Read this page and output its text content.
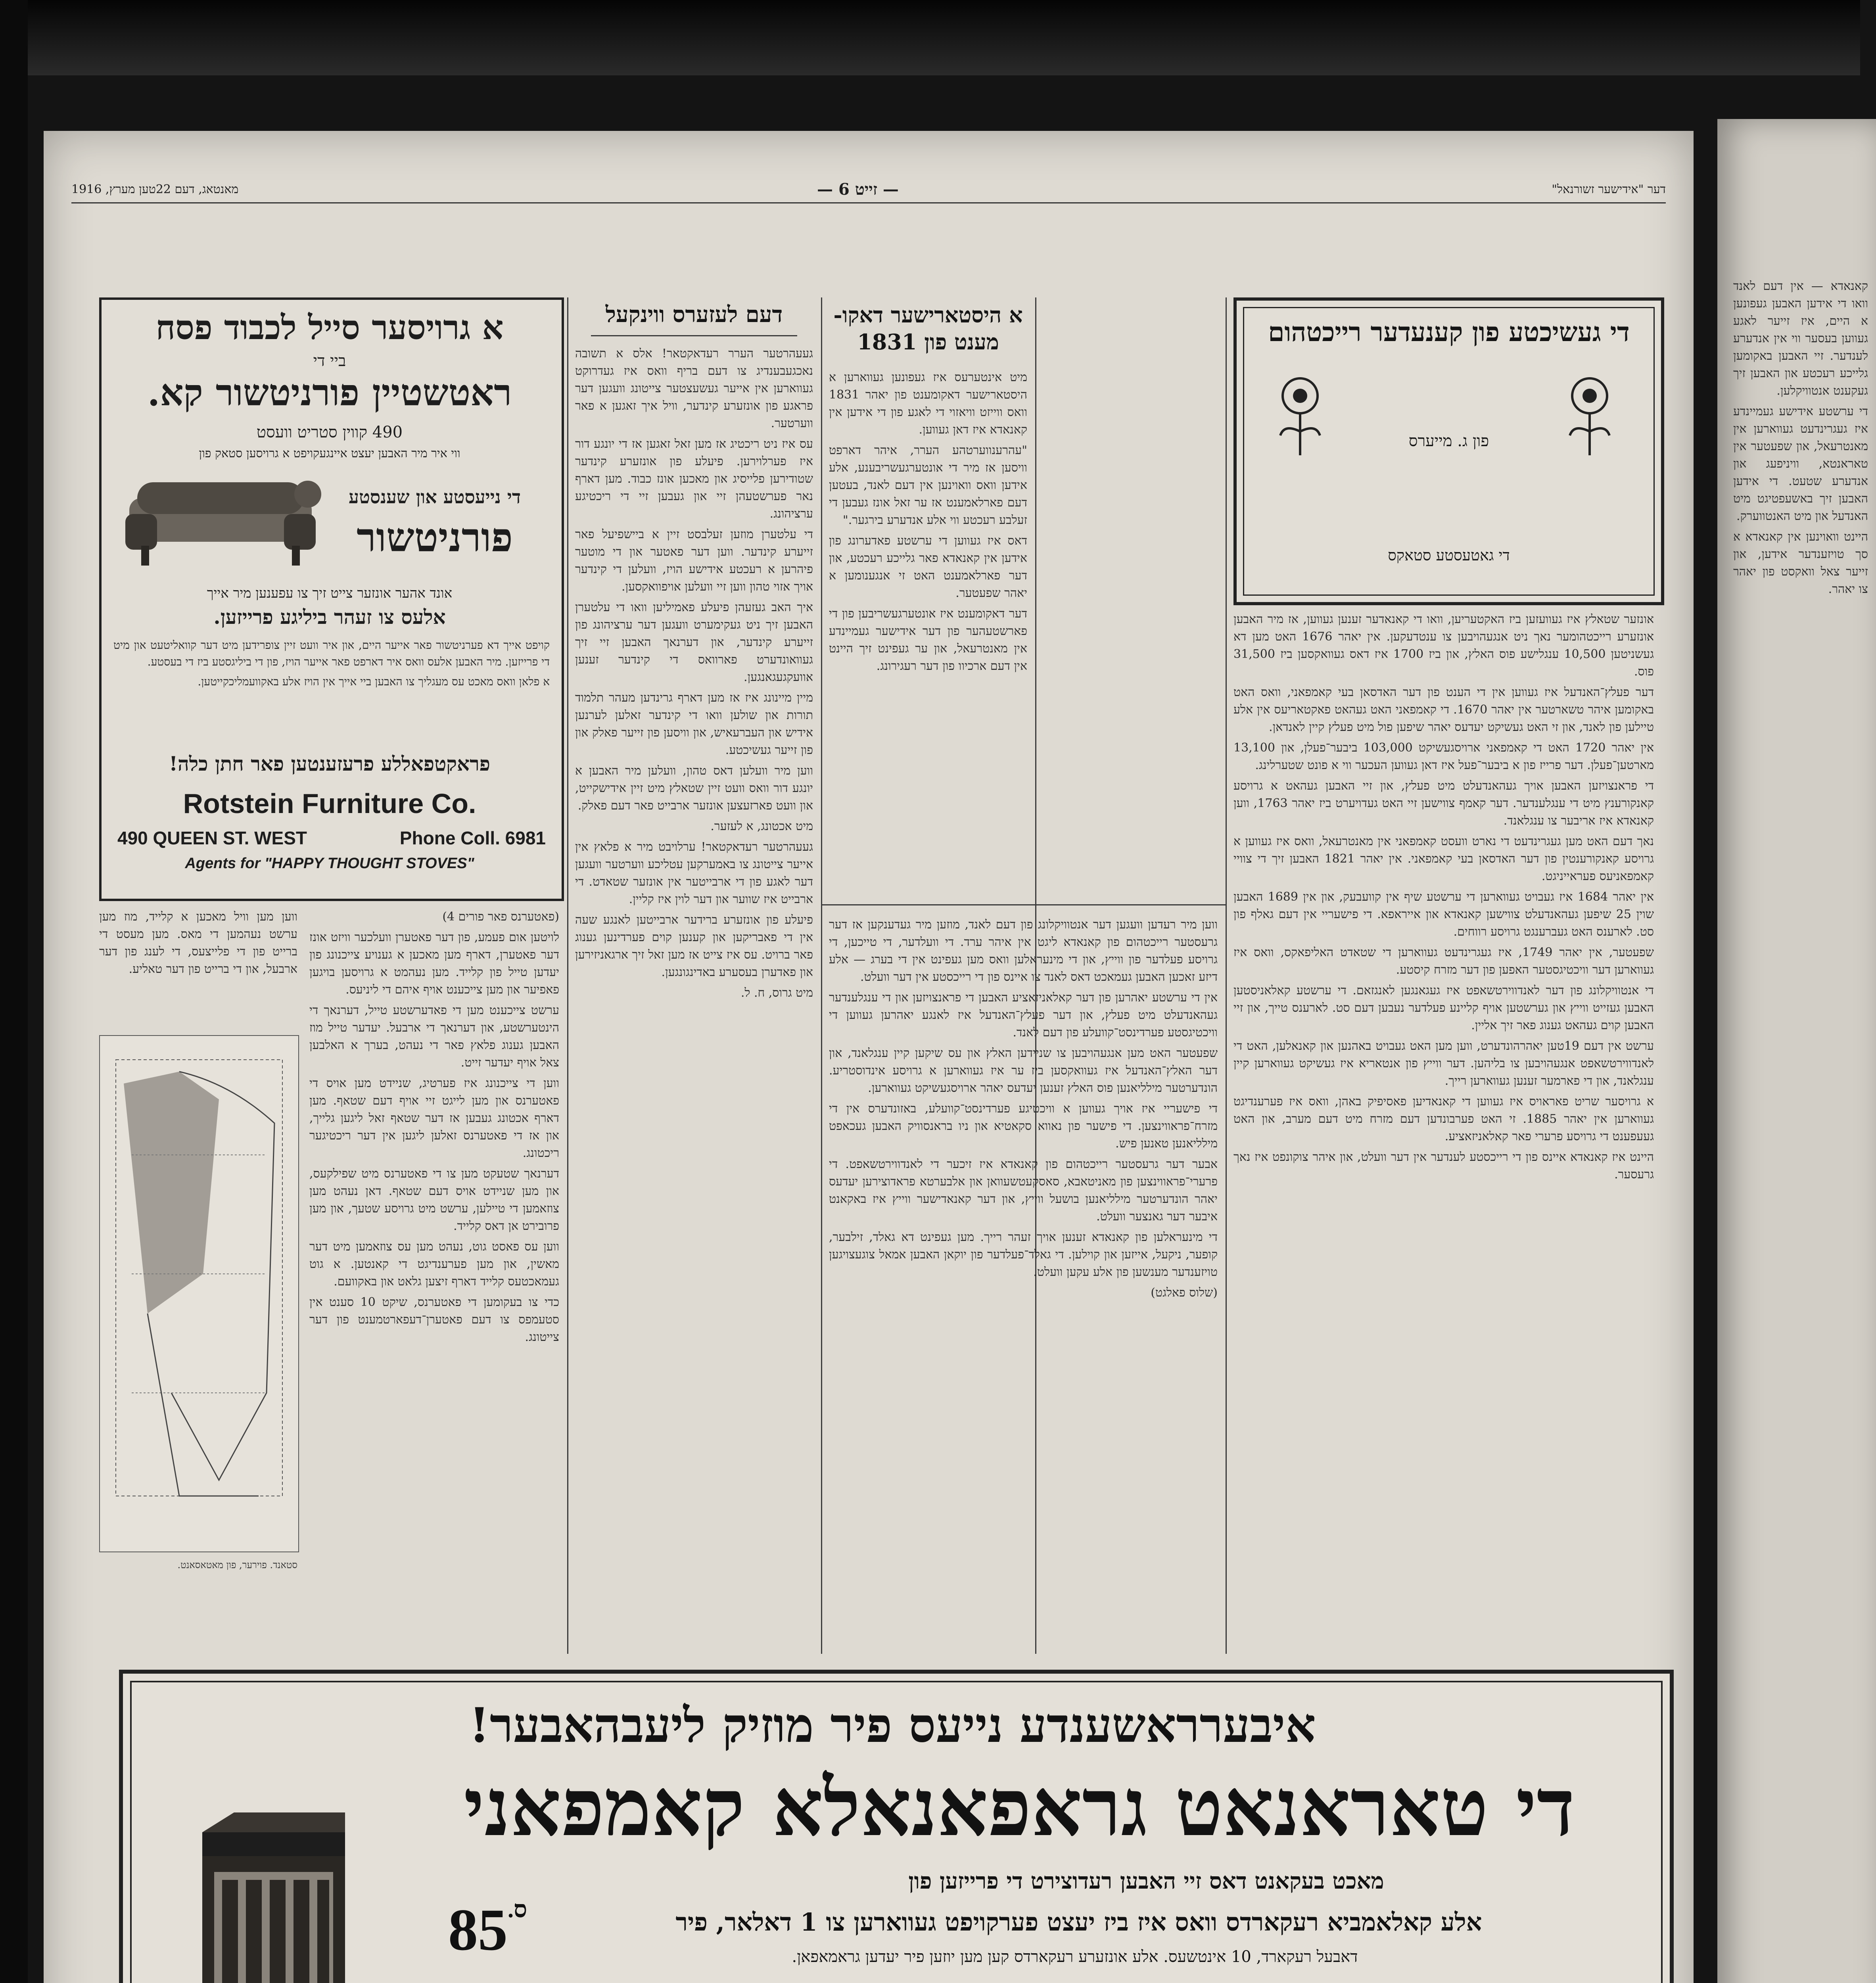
מאנטאג, דעם 22טען מערץ, 1916	— זייט 6 —	דער "אידישער זשורנאל"
א גרויסער סייל לכבוד פסח
ביי די
ראטשטיין פורניטשור קא.
490 קווין סטריט וועסט
ווי איר מיר האבען יעצט איינגעקויפט א גרויסען סטאק פון
די נייעסטע און שענסטע
פורניטשור
אונד אהער אונזער צייט זיך צו עפענען מיר אייך
אלעס צו זעהר ביליגע פרייזען.

קויפט אייך דא פערניטשור פאר אייער היים, און איר וועט זיין צופרידען מיט דער קוואליטעט און מיט די פרייזען. מיר האבען אלעס וואס איר דארפט פאר אייער הויז, פון די ביליגסטע ביז די בעסטע.

א פלאן וואס מאכט עס מעגליך צו האבען ביי אייך אין הויז אלע באקוועמליכקייטען.

פראקטפאללע פרעזענטען פאר חתן כלה!
Rotstein Furniture Co.
490 QUEEN ST. WEST	Phone Coll. 6981
Agents for "HAPPY THOUGHT STOVES"
דעם לעזערס ווינקעל

געעהרטער הערר רעדאקטאר! אלס א תשובה נאכגעבענדיג צו דעם בריף וואס איז געדרוקט געווארען אין אייער געשעצטער צייטונג וועגען דער פראגע פון אונזערע קינדער, וויל איך זאגען א פאר ווערטער.

עס איז ניט ריכטיג אז מען זאל זאגען אז די יונגע דור איז פערלוירען. פיעלע פון אונזערע קינדער שטודירען פלייסיג און מאכען אונז כבוד. מען דארף נאר פערשטעהן זיי און געבען זיי די ריכטיגע ערציהונג.

די עלטערן מוזען זעלבסט זיין א ביישפיעל פאר זייערע קינדער. ווען דער פאטער און די מוטער פיהרען א רעכטע אידישע הויז, וועלען די קינדער אויך אזוי טהון ווען זיי וועלען אויפוואקסען.

איך האב געזעהן פיעלע פאמיליען וואו די עלטערן האבען זיך ניט געקימערט וועגען דער ערציהונג פון זייערע קינדער, און דערנאך האבען זיי זיך געוואונדערט פארוואס די קינדער זענען אוועקגעגאנגען.

מיין מיינונג איז אז מען דארף גרינדען מעהר תלמוד תורות און שולען וואו די קינדער זאלען לערנען אידיש און העברעאיש, און וויסען פון זייער פאלק און פון זייער געשיכטע.

ווען מיר וועלען דאס טהון, וועלען מיר האבען א יונגע דור וואס וועט זיין שטאלץ מיט זיין אידישקייט, און וועט פארזעצען אונזער ארבייט פאר דעם פאלק.

מיט אכטונג, א לעזער.

געעהרטער רעדאקטאר! ערלויבט מיר א פלאץ אין אייער צייטונג צו באמערקען עטליכע ווערטער וועגען דער לאגע פון די ארבייטער אין אונזער שטאדט. די ארבייט איז שווער און דער לוין איז קליין.

פיעלע פון אונזערע ברידער ארבייטען לאנגע שעה אין די פאבריקען און קענען קוים פערדינען גענוג פאר ברויט. עס איז צייט אז מען זאל זיך ארגאניזירען און פאדערן בעסערע באדינגונגען.

מיט גרוס, ח. ל.

א היסטארישער דאקו- מענט פון 1831

מיט אינטערעס איז געפונען געווארען א היסטארישער דאקומענט פון יאהר 1831 וואס ווייזט וויאזוי די לאגע פון די אידען אין קאנאדא איז דאן געווען.

"עהרענווערטהע הערר, איהר דארפט וויסען אז מיר די אונטערגעשריבענע, אלע אידען וואס וואוינען אין דעם לאנד, בעטען דעם פארלאמענט אז ער זאל אונז געבען די זעלבע רעכטע ווי אלע אנדערע בירגער."

דאס איז געווען די ערשטע פאדערונג פון אידען אין קאנאדא פאר גלייכע רעכטע, און דער פארלאמענט האט זי אנגענומען א יאהר שפעטער.

דער דאקומענט איז אונטערגעשריבען פון די פארשטעהער פון דער אידישער געמיינדע אין מאנטרעאל, און ער געפינט זיך היינט אין דעם ארכיוו פון דער רעגירונג.

ווען מיר רעדען וועגען דער אנטוויקלונג פון דעם לאנד, מוזען מיר געדענקען אז דער גרעסטער רייכטהום פון קאנאדא ליגט אין איהר ערד. די וועלדער, די טייכען, די גרויסע פעלדער פון ווייץ, און די מינעראלען וואס מען געפינט אין די בערג — אלע דיזע זאכען האבען געמאכט דאס לאנד צו איינס פון די רייכסטע אין דער וועלט.

אין די ערשטע יאהרען פון דער קאלאניזאציע האבען די פראנצויזען און די ענגלענדער געהאנדעלט מיט פעלץ, און דער פעלץ־האנדעל איז לאנגע יאהרען געווען די וויכטיגסטע פערדינסט־קוועלע פון דעם לאנד.

שפעטער האט מען אנגעהויבען צו שניידען האלץ און עס שיקען קיין ענגלאנד, און דער האלץ־האנדעל איז געוואקסען ביז ער איז געווארען א גרויסע אינדוסטריע. הונדערטער מילליאנען פוס האלץ זענען יעדעס יאהר ארויסגעשיקט געווארען.

די פישעריי איז אויך געווען א וויכטיגע פערדינסט־קוועלע, באזונדערס אין די מזרח־פראווינצען. די פישער פון נאווא סקאטיא און ניו בראנסוויק האבען געכאפט מילליאנען טאנען פיש.

אבער דער גרעסטער רייכטהום פון קאנאדא איז זיכער די לאנדווירטשאפט. די פרערי־פראווינצען פון מאניטאבא, סאסקעטשעוואן און אלבערטא פראדוצירען יעדעס יאהר הונדערטער מילליאנען בושעל ווייץ, און דער קאנאדישער ווייץ איז באקאנט איבער דער גאנצער וועלט.

די מינעראלען פון קאנאדא זענען אויך זעהר רייך. מען געפינט דא גאלד, זילבער, קופער, ניקעל, אייזען און קוילען. די גאלד־פעלדער פון יוקאן האבען אמאל צוגעצויגען טויזענדער מענשען פון אלע עקען וועלט.

(שלוס פאלגט)

די געשיכטע פון קענעדער רייכטהום
פון ג. מייערס
די גאטעסטע סטאקס

אונזער שטאלץ איז געוועזען ביז האקטעריען, וואו די קאנאדער זענען געווען, אז מיר האבען אונזערע רייכטהומער נאך ניט אנגעהויבען צו ענטדעקען. אין יאהר 1676 האט מען דא געשניטען 10,500 ענגלישע פוס האלץ, און ביז 1700 איז דאס געוואקסען ביז 31,500 פוס.

דער פעלץ־האנדעל איז געווען אין די הענט פון דער האדסאן בעי קאמפאני, וואס האט באקומען איהר טשארטער אין יאהר 1670. די קאמפאני האט געהאט פאקטאריעס אין אלע טיילען פון לאנד, און זי האט געשיקט יעדעס יאהר שיפען פול מיט פעלץ קיין לאנדאן.

אין יאהר 1720 האט די קאמפאני ארויסגעשיקט 103,000 ביבער־פעלן, און 13,100 מארטען־פעלן. דער פרייז פון א ביבער־פעל איז דאן געווען העכער ווי א פונט שטערלינג.

די פראנצויזען האבען אויך געהאנדעלט מיט פעלץ, און זיי האבען געהאט א גרויסע קאנקורענץ מיט די ענגלענדער. דער קאמף צווישען זיי האט געדויערט ביז יאהר 1763, ווען קאנאדא איז אריבער צו ענגלאנד.

נאך דעם האט מען געגרינדעט די נארט וועסט קאמפאני אין מאנטרעאל, וואס איז געווען א גרויסע קאנקורענטין פון דער האדסאן בעי קאמפאני. אין יאהר 1821 האבען זיך די צוויי קאמפאניעס פעראייניגט.

אין יאהר 1684 איז געבויט געווארען די ערשטע שיף אין קוועבעק, און אין 1689 האבען שוין 25 שיפען געהאנדעלט צווישען קאנאדא און אייראפא. די פישעריי אין דעם גאלף פון סט. לארענס האט געברענגט גרויסע רווחים.

שפעטער, אין יאהר 1749, איז געגרינדעט געווארען די שטאדט האליפאקס, וואס איז געווארען דער וויכטיגסטער האפען פון דער מזרח קיסטע.

די אנטוויקלונג פון דער לאנדווירטשאפט איז געגאנגען לאנגזאם. די ערשטע קאלאניסטען האבען געזייט ווייץ און גערשטען אויף קליינע פעלדער נעבען דעם סט. לארענס טייך, און זיי האבען קוים געהאט גענוג פאר זיך אליין.

ערשט אין דעם 19טען יאהרהונדערט, ווען מען האט געבויט באהנען און קאנאלען, האט די לאנדווירטשאפט אנגעהויבען צו בליהען. דער ווייץ פון אנטאריא איז געשיקט געווארען קיין ענגלאנד, און די פארמער זענען געווארען רייך.

א גרויסער שריט פאראויס איז געווען די קאנאדיען פאסיפיק באהן, וואס איז פערענדיגט געווארען אין יאהר 1885. זי האט פערבונדען דעם מזרח מיט דעם מערב, און האט געעפענט די גרויסע פרערי פאר קאלאניזאציע.

היינט איז קאנאדא איינס פון די רייכסטע לענדער אין דער וועלט, און איהר צוקונפט איז נאך גרעסער.

ווען מען וויל מאכען א קלייד, מוז מען ערשט נעהמען די מאס. מען מעסט די ברייט פון די פלייצעס, די לענג פון דער ארבעל, און די ברייט פון דער טאליע.

סטאנד. פוירער, פון מאטאסאנט.

(פאטערנס פאר פורים 4)

לויטען אום פעמע, פון דער פאטערן וועלכער וויזט אונז דער פאטערן, דארף מען מאכען א גענויע צייכנונג פון יעדען טייל פון קלייד. מען נעהמט א גרויסען בויגען פאפיער און מען צייכענט אויף איהם די ליניעס.

ערשט צייכענט מען די פאדערשטע טייל, דערנאך די הינטערשטע, און דערנאך די ארבעל. יעדער טייל מוז האבען גענוג פלאץ פאר די נעהט, בערך א האלבען צאל אויף יעדער זייט.

ווען די צייכנונג איז פערטיג, שניידט מען אויס די פאטערנס און מען לייגט זיי אויף דעם שטאף. מען דארף אכטונג געבען אז דער שטאף זאל ליגען גלייך, און אז די פאטערנס זאלען ליגען אין דער ריכטיגער ריכטונג.

דערנאך שטעקט מען צו די פאטערנס מיט שפילקעס, און מען שניידט אויס דעם שטאף. דאן נעהט מען צוזאמען די טיילען, ערשט מיט גרויסע שטעך, און מען פרובירט אן דאס קלייד.

ווען עס פאסט גוט, נעהט מען עס צוזאמען מיט דער מאשין, און מען פערענדיגט די קאנטען. א גוט געמאכטעס קלייד דארף זיצען גלאט און באקוועם.

כדי צו בעקומען די פאטערנס, שיקט 10 סענט אין סטעמפס צו דעם פאטערן־דעפארטמענט פון דער צייטונג.

איבערראשענדע נייעס פיר מוזיק ליעבהאבער!
די טאראנאט גראפאנאלא קאמפאני
מאכט בעקאנט דאס זיי האבען רעדוצירט די פרייזען פון
אלע קאלאמביא רעקארדס וואס איז ביז יעצט פערקויפט געווארען צו 1 דאלאר, פיר
דאבעל רעקארד, 10 אינטשעס. אלע אונזערע רעקארדס קען מען יוזען פיר יעדען גראמאפאן.
$^{ס.}$85

קאנאדא — אין דעם לאנד וואו די אידען האבען געפונען א היים, איז זייער לאגע געווען בעסער ווי אין אנדערע לענדער. זיי האבען באקומען גלייכע רעכטע און האבען זיך געקענט אנטוויקלען.

די ערשטע אידישע געמיינדע איז געגרינדעט געווארען אין מאנטרעאל, און שפעטער אין טאראנטא, וויניפעג און אנדערע שטעט. די אידען האבען זיך באשעפטיגט מיט האנדעל און מיט האנטווערק.

היינט וואוינען אין קאנאדא א סך טויזענדער אידען, און זייער צאל וואקסט פון יאהר צו יאהר.
